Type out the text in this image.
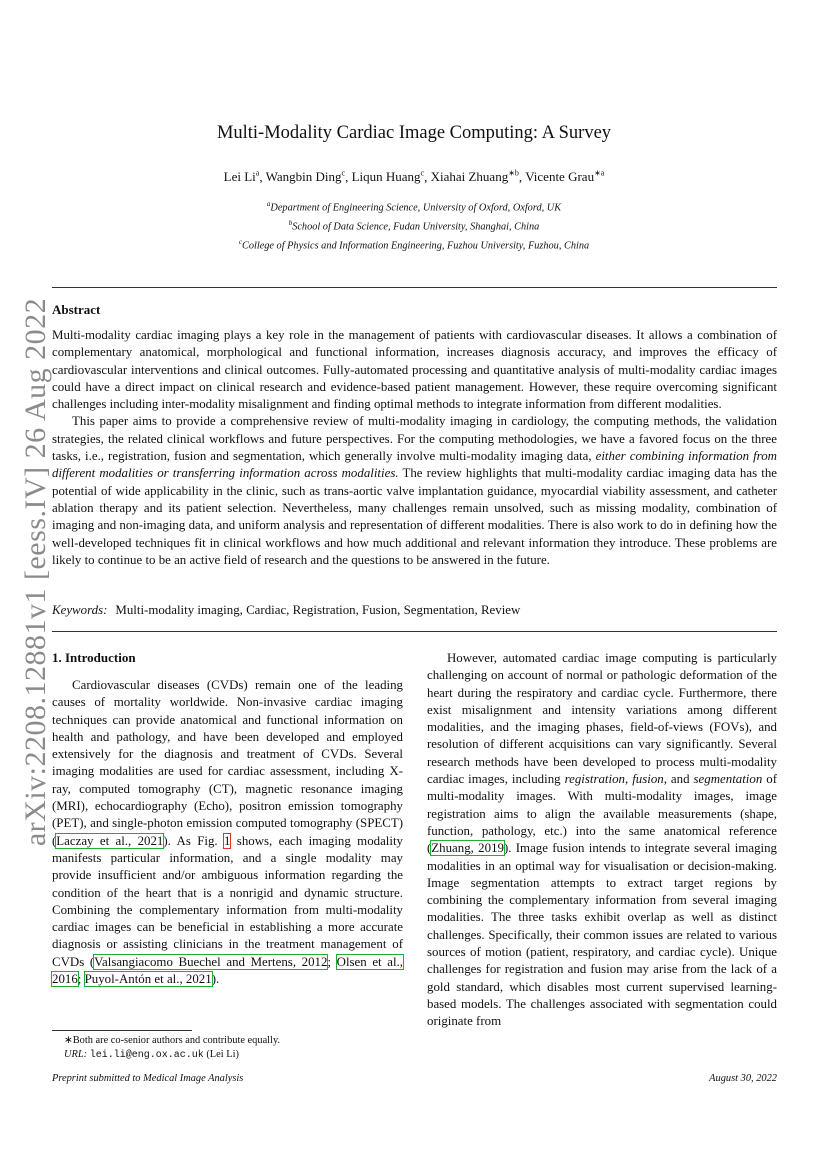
arXiv:2208.12881v1 [eess.IV] 26 Aug 2022
Multi-Modality Cardiac Image Computing: A Survey
Lei Li$^a$, Wangbin Ding$^c$, Liqun Huang$^c$, Xiahai Zhuang$^{∗b}$, Vicente Grau$^{∗a}$
$^a$Department of Engineering Science, University of Oxford, Oxford, UK
$^b$School of Data Science, Fudan University, Shanghai, China
$^c$College of Physics and Information Engineering, Fuzhou University, Fuzhou, China
Abstract

Multi-modality cardiac imaging plays a key role in the management of patients with cardiovascular diseases. It allows a combination of complementary anatomical, morphological and functional information, increases diagnosis accuracy, and improves the efficacy of cardiovascular interventions and clinical outcomes. Fully-automated processing and quantitative analysis of multi-modality cardiac images could have a direct impact on clinical research and evidence-based patient management. However, these require overcoming significant challenges including inter-modality misalignment and finding optimal methods to integrate information from different modalities.

This paper aims to provide a comprehensive review of multi-modality imaging in cardiology, the computing methods, the validation strategies, the related clinical workflows and future perspectives. For the computing methodologies, we have a favored focus on the three tasks, i.e., registration, fusion and segmentation, which generally involve multi-modality imaging data, either combining information from different modalities or transferring information across modalities. The review highlights that multi-modality cardiac imaging data has the potential of wide applicability in the clinic, such as trans-aortic valve implantation guidance, myocardial viability assessment, and catheter ablation therapy and its patient selection. Nevertheless, many challenges remain unsolved, such as missing modality, combination of imaging and non-imaging data, and uniform analysis and representation of different modalities. There is also work to do in defining how the well-developed techniques fit in clinical workflows and how much additional and relevant information they introduce. These problems are likely to continue to be an active field of research and the questions to be answered in the future.

Keywords: Multi-modality imaging, Cardiac, Registration, Fusion, Segmentation, Review
1. Introduction

Cardiovascular diseases (CVDs) remain one of the leading causes of mortality worldwide. Non-invasive cardiac imaging techniques can provide anatomical and functional information on health and pathology, and have been developed and employed extensively for the diagnosis and treatment of CVDs. Several imaging modalities are used for cardiac assessment, including X-ray, computed tomography (CT), magnetic resonance imaging (MRI), echocardiography (Echo), positron emission tomography (PET), and single-photon emission computed tomography (SPECT) (Laczay et al., 2021). As Fig. 1 shows, each imaging modality manifests particular information, and a single modality may provide insufficient and/or ambiguous information regarding the condition of the heart that is a nonrigid and dynamic structure. Combining the complementary information from multi-modality cardiac images can be beneficial in establishing a more accurate diagnosis or assisting clinicians in the treatment management of CVDs (Valsangiacomo Buechel and Mertens, 2012; Olsen et al., 2016; Puyol-Antón et al., 2021).

However, automated cardiac image computing is particularly challenging on account of normal or pathologic deformation of the heart during the respiratory and cardiac cycle. Furthermore, there exist misalignment and intensity variations among different modalities, and the imaging phases, field-of-views (FOVs), and resolution of different acquisitions can vary significantly. Several research methods have been developed to process multi-modality cardiac images, including registration, fusion, and segmentation of multi-modality images. With multi-modality images, image registration aims to align the available measurements (shape, function, pathology, etc.) into the same anatomical reference (Zhuang, 2019). Image fusion intends to integrate several imaging modalities in an optimal way for visualisation or decision-making. Image segmentation attempts to extract target regions by combining the complementary information from several imaging modalities. The three tasks exhibit overlap as well as distinct challenges. Specifically, their common issues are related to various sources of motion (patient, respiratory, and cardiac cycle). Unique challenges for registration and fusion may arise from the lack of a gold standard, which disables most current supervised learning-based models. The challenges associated with segmentation could originate from

∗Both are co-senior authors and contribute equally.
URL: lei.li@eng.ox.ac.uk (Lei Li)
Preprint submitted to Medical Image Analysis	August 30, 2022
